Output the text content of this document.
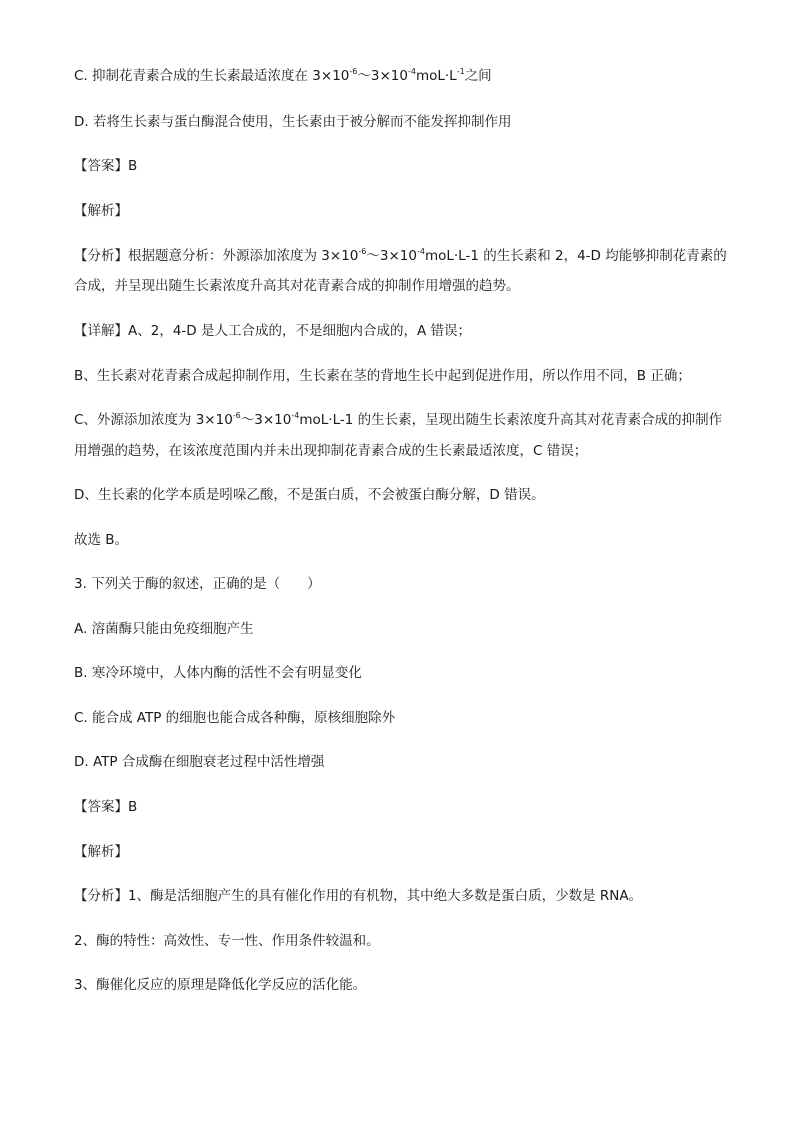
C. 抑制花青素合成的生长素最适浓度在 $3\times 10^{-6}\sim 3\times 10^{-4}moL\cdot L^{-1}$之间
D. 若将生长素与蛋白酶混合使用，生长素由于被分解而不能发挥抑制作用
【答案】B
【解析】
【分析】根据题意分析：外源添加浓度为 $3\times 10^{-6}\sim 3\times 10^{-4}moL\cdot L-1$ 的生长素和 2，4-D 均能够抑制花青素的
合成，并呈现出随生长素浓度升高其对花青素合成的抑制作用增强的趋势。
【详解】A、2，4-D 是人工合成的，不是细胞内合成的，A 错误；
B、生长素对花青素合成起抑制作用，生长素在茎的背地生长中起到促进作用，所以作用不同，B 正确；
C、外源添加浓度为 $3\times 10^{-6}\sim 3\times 10^{-4}moL\cdot L-1$ 的生长素，呈现出随生长素浓度升高其对花青素合成的抑制作
用增强的趋势，在该浓度范围内并未出现抑制花青素合成的生长素最适浓度，C 错误；
D、生长素的化学本质是吲哚乙酸，不是蛋白质，不会被蛋白酶分解，D 错误。
故选 B。
3. 下列关于酶的叙述，正确的是（　　）
A. 溶菌酶只能由免疫细胞产生
B. 寒冷环境中，人体内酶的活性不会有明显变化
C. 能合成 ATP 的细胞也能合成各种酶，原核细胞除外
D. ATP 合成酶在细胞衰老过程中活性增强
【答案】B
【解析】
【分析】1、酶是活细胞产生的具有催化作用的有机物，其中绝大多数是蛋白质，少数是 RNA。
2、酶的特性：高效性、专一性、作用条件较温和。
3、酶催化反应的原理是降低化学反应的活化能。
